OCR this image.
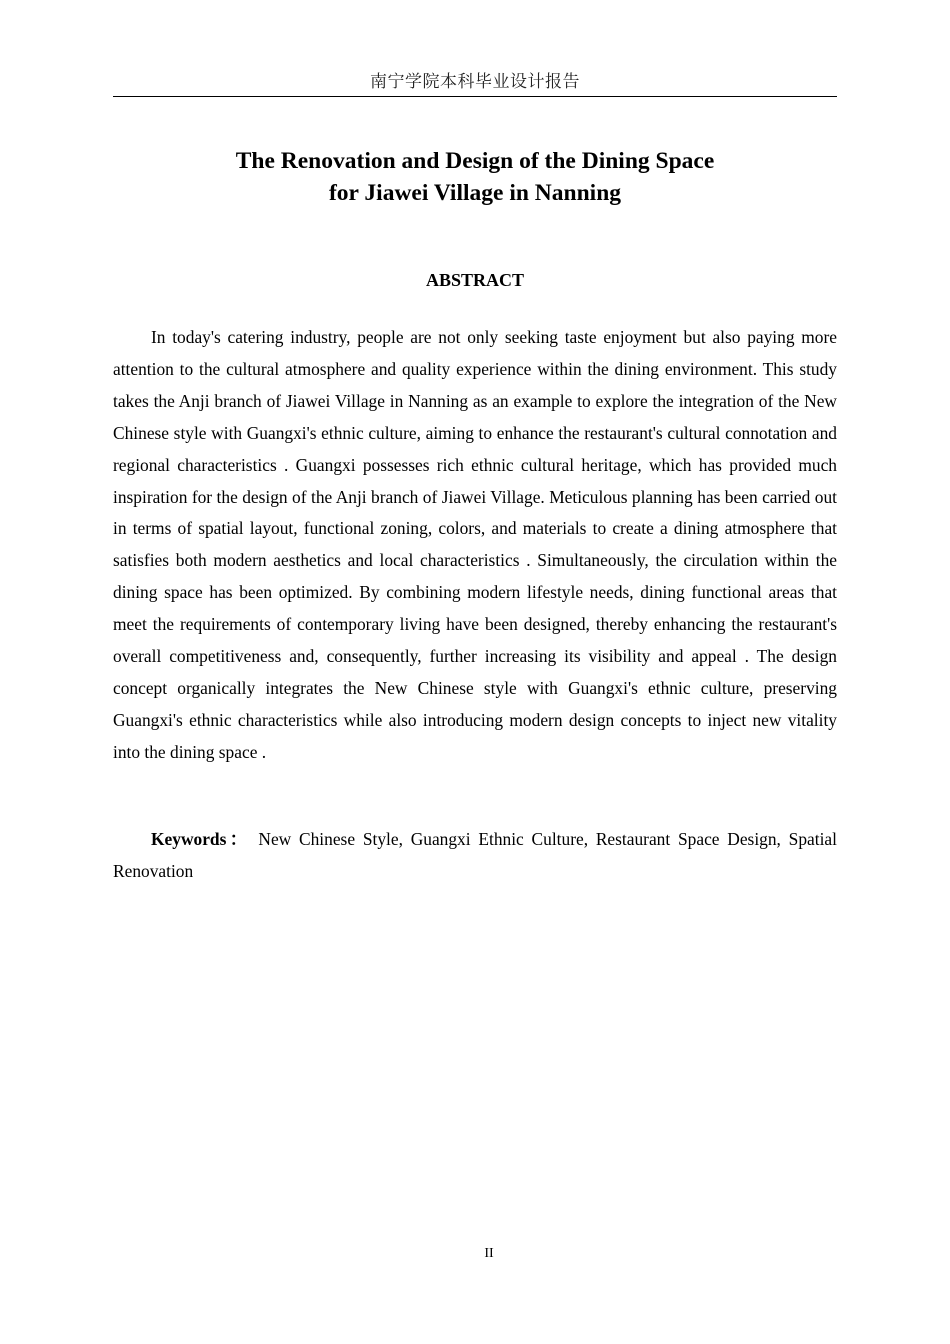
南宁学院本科毕业设计报告
The Renovation and Design of the Dining Space
for Jiawei Village in Nanning
ABSTRACT

In today's catering industry, people are not only seeking taste enjoyment but also paying more attention to the cultural atmosphere and quality experience within the dining environment. This study takes the Anji branch of Jiawei Village in Nanning as an example to explore the integration of the New Chinese style with Guangxi's ethnic culture, aiming to enhance the restaurant's cultural connotation and regional characteristics . Guangxi possesses rich ethnic cultural heritage, which has provided much inspiration for the design of the Anji branch of Jiawei Village. Meticulous planning has been carried out in terms of spatial layout, functional zoning, colors, and materials to create a dining atmosphere that satisfies both modern aesthetics and local characteristics . Simultaneously, the circulation within the dining space has been optimized. By combining modern lifestyle needs, dining functional areas that meet the requirements of contemporary living have been designed, thereby enhancing the restaurant's overall competitiveness and, consequently, further increasing its visibility and appeal . The design concept organically integrates the New Chinese style with Guangxi's ethnic culture, preserving Guangxi's ethnic characteristics while also introducing modern design concepts to inject new vitality into the dining space .

Keywords： New Chinese Style, Guangxi Ethnic Culture, Restaurant Space Design, Spatial Renovation

II
